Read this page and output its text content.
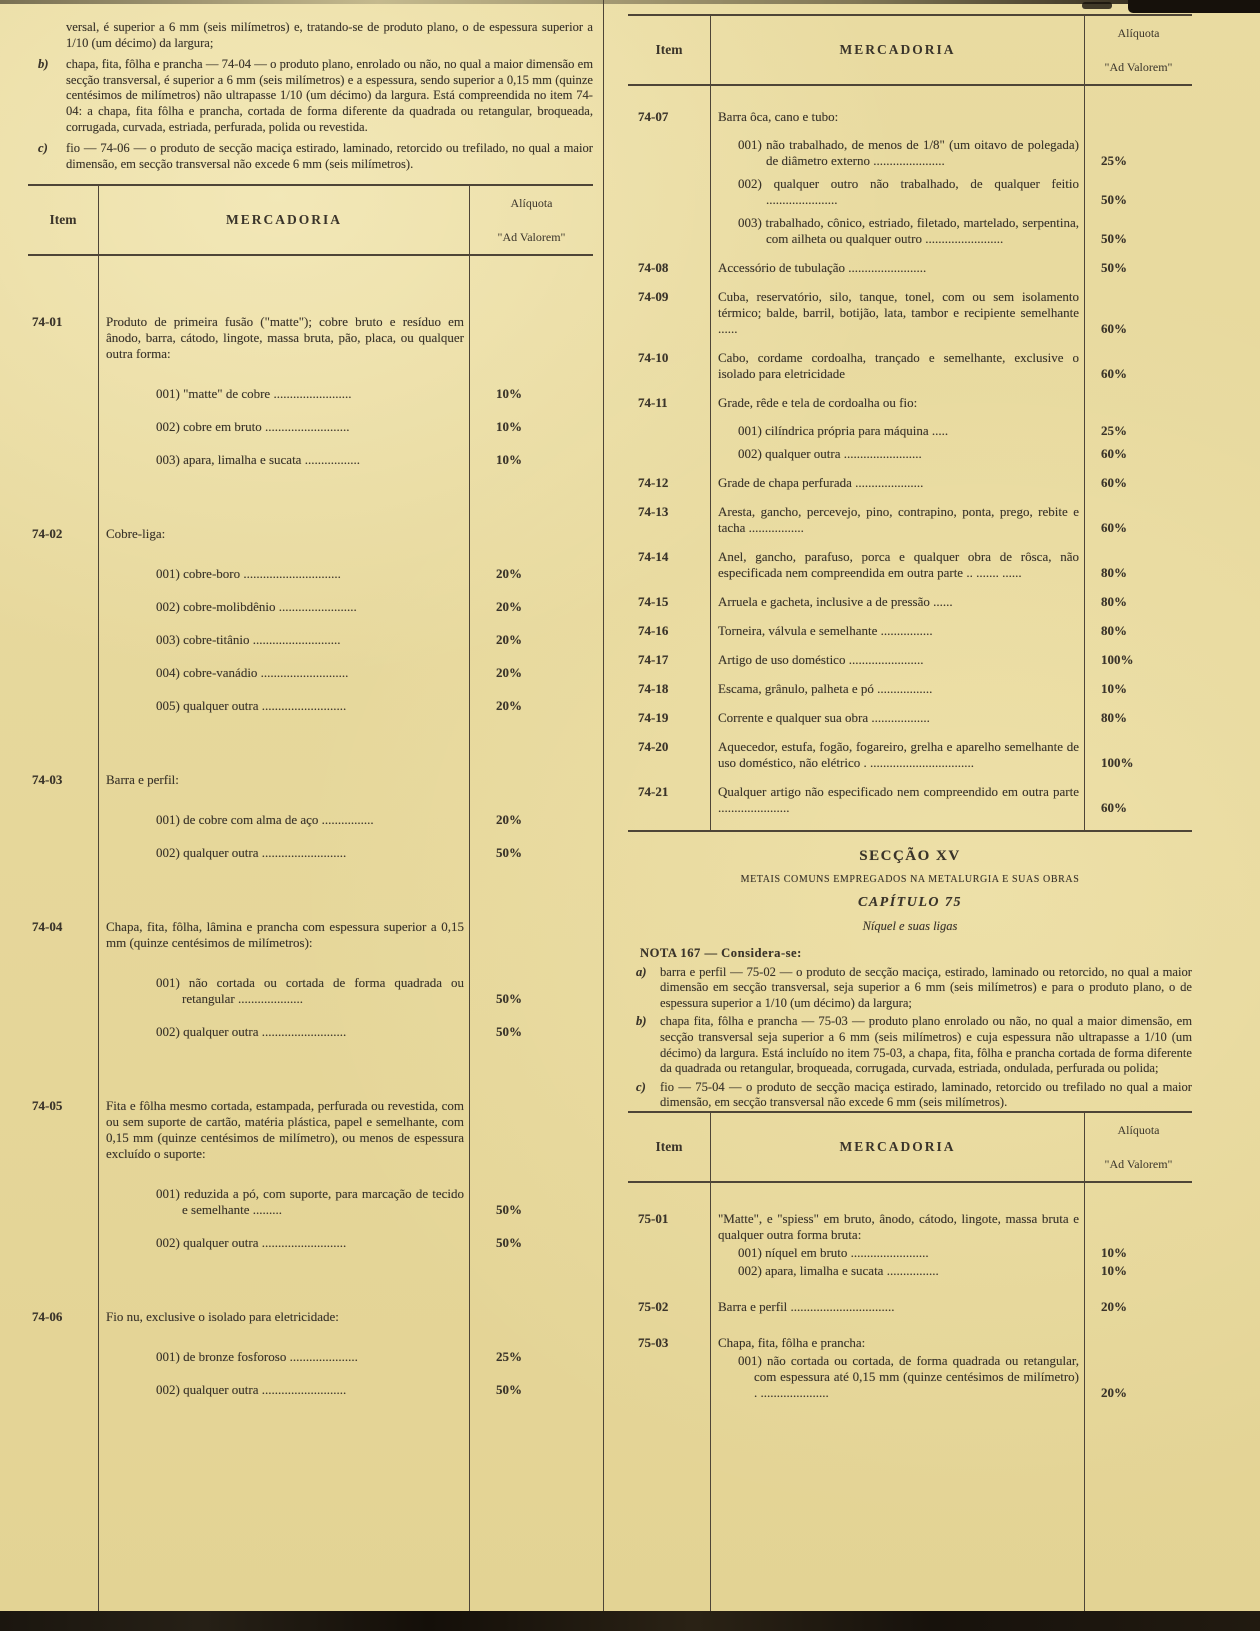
versal, é superior a 6 mm (seis milímetros) e, tratando-se de produto plano, o de espessura superior a 1/10 (um décimo) da largura;
b) chapa, fita, fôlha e prancha — 74-04 — o produto plano, enrolado ou não, no qual a maior dimensão em secção transversal, é superior a 6 mm (seis milímetros) e a espessura, sendo superior a 0,15 mm (quinze centésimos de milímetros) não ultrapasse 1/10 (um décimo) da largura. Está compreendida no item 74-04: a chapa, fita fôlha e prancha, cortada de forma diferente da quadrada ou retangular, broqueada, corrugada, curvada, estriada, perfurada, polida ou revestida.
c) fio — 74-06 — o produto de secção maciça estirado, laminado, retorcido ou trefilado, no qual a maior dimensão, em secção transversal não excede 6 mm (seis milímetros).
Item	MERCADORIA
Alíquota
"Ad Valorem"
74-01	Produto de primeira fusão ("matte"); cobre bruto e resíduo em ânodo, barra, cátodo, lingote, massa bruta, pão, placa, ou qualquer outra forma:
001) "matte" de cobre ........................	10%
002) cobre em bruto ..........................	10%
003) apara, limalha e sucata .................	10%
74-02	Cobre-liga:
001) cobre-boro ..............................	20%
002) cobre-molibdênio ........................	20%
003) cobre-titânio ...........................	20%
004) cobre-vanádio ...........................	20%
005) qualquer outra ..........................	20%
74-03	Barra e perfil:
001) de cobre com alma de aço ................	20%
002) qualquer outra ..........................	50%
74-04	Chapa, fita, fôlha, lâmina e prancha com espessura superior a 0,15 mm (quinze centésimos de milímetros):
001) não cortada ou cortada de forma quadrada ou retangular ....................	50%
002) qualquer outra ..........................	50%
74-05	Fita e fôlha mesmo cortada, estampada, perfurada ou revestida, com ou sem suporte de cartão, matéria plástica, papel e semelhante, com 0,15 mm (quinze centésimos de milímetro), ou menos de espessura excluído o suporte:
001) reduzida a pó, com suporte, para marcação de tecido e semelhante .........	50%
002) qualquer outra ..........................	50%
74-06	Fio nu, exclusive o isolado para eletricidade:
001) de bronze fosforoso .....................	25%
002) qualquer outra ..........................	50%
Item	MERCADORIA
Alíquota
"Ad Valorem"
74-07	Barra ôca, cano e tubo:
001) não trabalhado, de menos de 1/8" (um oitavo de polegada) de diâmetro externo ......................	25%
002) qualquer outro não trabalhado, de qualquer feitio ......................	50%
003) trabalhado, cônico, estriado, filetado, martelado, serpentina, com ailheta ou qualquer outro ........................	50%
74-08	Accessório de tubulação ........................	50%
74-09	Cuba, reservatório, silo, tanque, tonel, com ou sem isolamento térmico; balde, barril, botijão, lata, tambor e recipiente semelhante ......	60%
74-10	Cabo, cordame cordoalha, trançado e semelhante, exclusive o isolado para eletricidade	60%
74-11	Grade, rêde e tela de cordoalha ou fio:
001) cilíndrica própria para máquina .....	25%
002) qualquer outra ........................	60%
74-12	Grade de chapa perfurada .....................	60%
74-13	Aresta, gancho, percevejo, pino, contrapino, ponta, prego, rebite e tacha .................	60%
74-14	Anel, gancho, parafuso, porca e qualquer obra de rôsca, não especificada nem compreendida em outra parte .. ....... ......	80%
74-15	Arruela e gacheta, inclusive a de pressão ......	80%
74-16	Torneira, válvula e semelhante ................	80%
74-17	Artigo de uso doméstico .......................	100%
74-18	Escama, grânulo, palheta e pó .................	10%
74-19	Corrente e qualquer sua obra ..................	80%
74-20	Aquecedor, estufa, fogão, fogareiro, grelha e aparelho semelhante de uso doméstico, não elétrico . ................................	100%
74-21	Qualquer artigo não especificado nem compreendido em outra parte ......................	60%
SECÇÃO XV
METAIS COMUNS EMPREGADOS NA METALURGIA E SUAS OBRAS
CAPÍTULO 75
Níquel e suas ligas
NOTA 167 — Considera-se:
a) barra e perfil — 75-02 — o produto de secção maciça, estirado, laminado ou retorcido, no qual a maior dimensão em secção transversal, seja superior a 6 mm (seis milímetros) e para o produto plano, o de espessura superior a 1/10 (um décimo) da largura;
b) chapa fita, fôlha e prancha — 75-03 — produto plano enrolado ou não, no qual a maior dimensão, em secção transversal seja superior a 6 mm (seis milímetros) e cuja espessura não ultrapasse a 1/10 (um décimo) da largura. Está incluído no item 75-03, a chapa, fita, fôlha e prancha cortada de forma diferente da quadrada ou retangular, broqueada, corrugada, curvada, estriada, ondulada, perfurada ou polida;
c) fio — 75-04 — o produto de secção maciça estirado, laminado, retorcido ou trefilado no qual a maior dimensão, em secção transversal não excede 6 mm (seis milímetros).
Item	MERCADORIA
Alíquota
"Ad Valorem"
75-01	"Matte", e "spiess" em bruto, ânodo, cátodo, lingote, massa bruta e qualquer outra forma bruta:
001) níquel em bruto ........................	10%
002) apara, limalha e sucata ................	10%
75-02	Barra e perfil ................................	20%
75-03	Chapa, fita, fôlha e prancha:
001) não cortada ou cortada, de forma quadrada ou retangular, com espessura até 0,15 mm (quinze centésimos de milímetro) . .....................	20%
